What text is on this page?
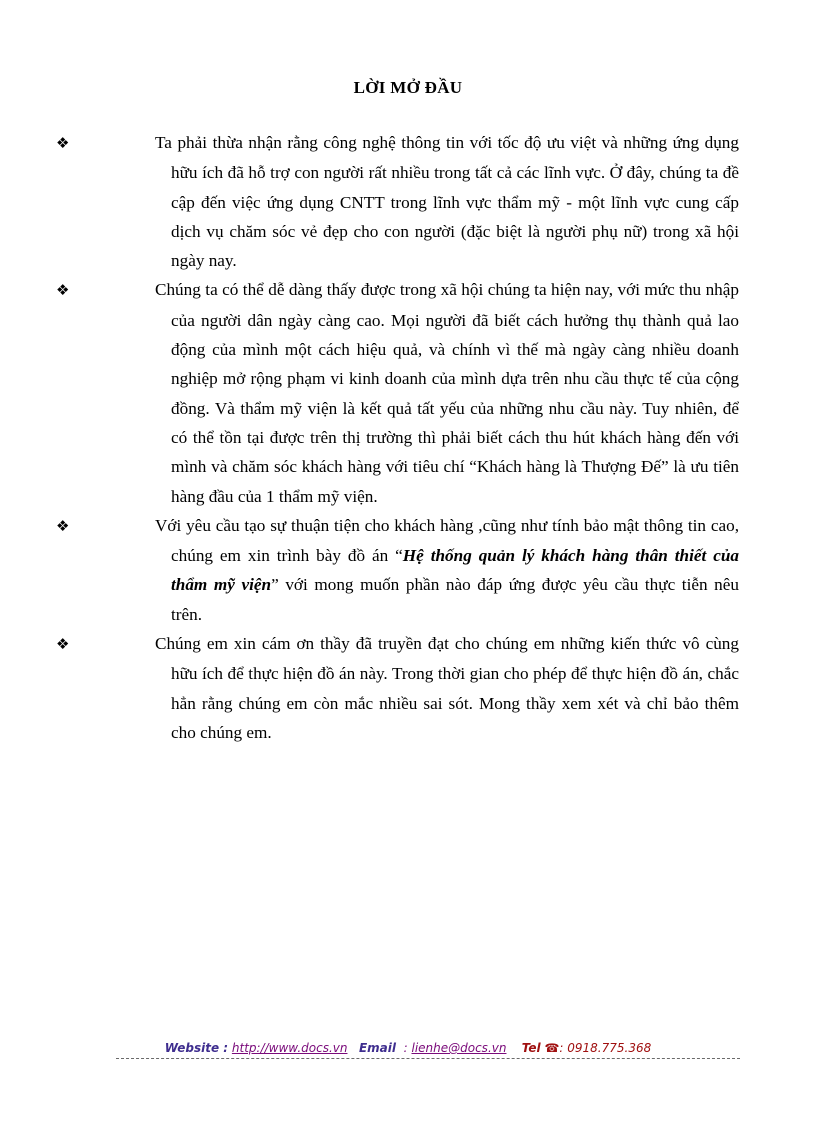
LỜI MỞ ĐẦU

❖	Ta phải thừa nhận rằng công nghệ thông tin với tốc độ ưu việt và những ứng dụng hữu ích đã hỗ trợ con người rất nhiều trong tất cả các lĩnh vực. Ở đây, chúng ta đề cập đến việc ứng dụng CNTT trong lĩnh vực thẩm mỹ - một lĩnh vực cung cấp dịch vụ chăm sóc vẻ đẹp cho con người (đặc biệt là người phụ nữ) trong xã hội ngày nay.

❖	Chúng ta có thể dễ dàng thấy được trong xã hội chúng ta hiện nay, với mức thu nhập của người dân ngày càng cao. Mọi người đã biết cách hưởng thụ thành quả lao động của mình một cách hiệu quả, và chính vì thế mà ngày càng nhiều doanh nghiệp mở rộng phạm vi kinh doanh của mình dựa trên nhu cầu thực tế của cộng đồng. Và thẩm mỹ viện là kết quả tất yếu của những nhu cầu này. Tuy nhiên, để có thể tồn tại được trên thị trường thì phải biết cách thu hút khách hàng đến với mình và chăm sóc khách hàng với tiêu chí “Khách hàng là Thượng Đế” là ưu tiên hàng đầu của 1 thẩm mỹ viện.

❖	Với yêu cầu tạo sự thuận tiện cho khách hàng ,cũng như tính bảo mật thông tin cao, chúng em xin trình bày đồ án “Hệ thống quản lý khách hàng thân thiết của thẩm mỹ viện” với mong muốn phần nào đáp ứng được yêu cầu thực tiễn nêu trên.

❖	Chúng em xin cám ơn thầy đã truyền đạt cho chúng em những kiến thức vô cùng hữu ích để thực hiện đồ án này. Trong thời gian cho phép để thực hiện đồ án, chắc hẳn rằng chúng em còn mắc nhiều sai sót. Mong thầy xem xét và chỉ bảo thêm cho chúng em.

Website : http://www.docs.vn Email : lienhe@docs.vn Tel ☎: 0918.775.368
